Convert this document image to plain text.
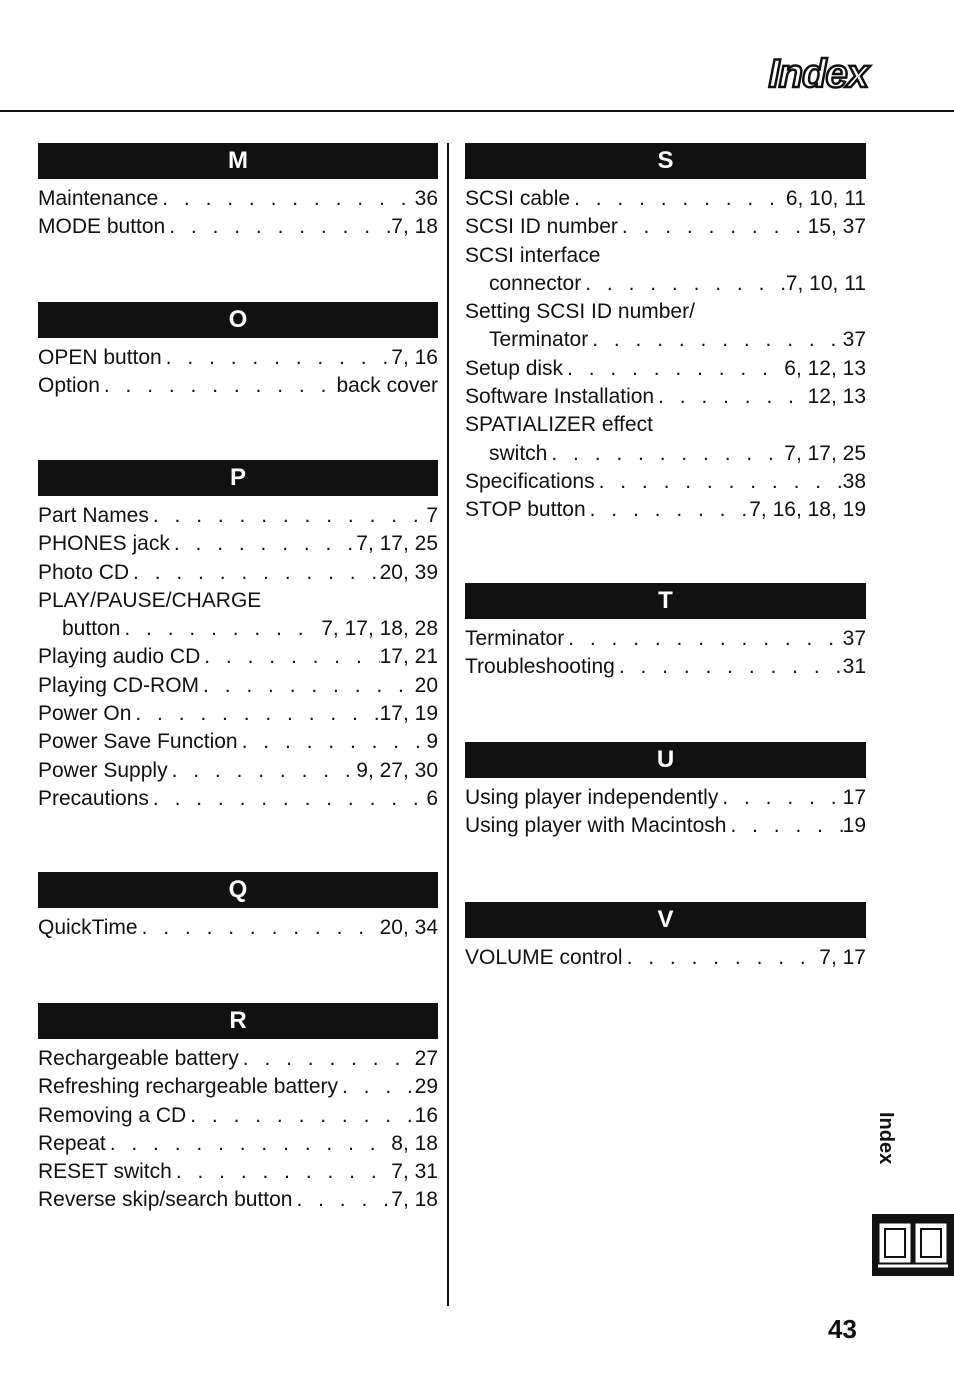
Index
M
Maintenance . . .	36
MODE button . . .	7, 18
O
OPEN button . . .	7, 16
Option . . .	back cover
P
Part Names . . .	7
PHONES jack . . .	7, 17, 25
Photo CD . . .	20, 39
PLAY/PAUSE/CHARGE
button . . .	7, 17, 18, 28
Playing audio CD . . .	17, 21
Playing CD-ROM . . .	20
Power On . . .	17, 19
Power Save Function . . .	9
Power Supply . . .	9, 27, 30
Precautions . . .	6
Q
QuickTime . . .	20, 34
R
Rechargeable battery . . .	27
Refreshing rechargeable battery . . .	29
Removing a CD . . .	16
Repeat . . .	8, 18
RESET switch . . .	7, 31
Reverse skip/search button . . .	7, 18
S
SCSI cable . . .	6, 10, 11
SCSI ID number . . .	15, 37
SCSI interface
connector . . .	7, 10, 11
Setting SCSI ID number/
Terminator . . .	37
Setup disk . . .	6, 12, 13
Software Installation . . .	12, 13
SPATIALIZER effect
switch . . .	7, 17, 25
Specifications . . .	38
STOP button . . .	7, 16, 18, 19
T
Terminator . . .	37
Troubleshooting . . .	31
U
Using player independently . . .	17
Using player with Macintosh . . .	19
V
VOLUME control . . .	7, 17
Index
43
